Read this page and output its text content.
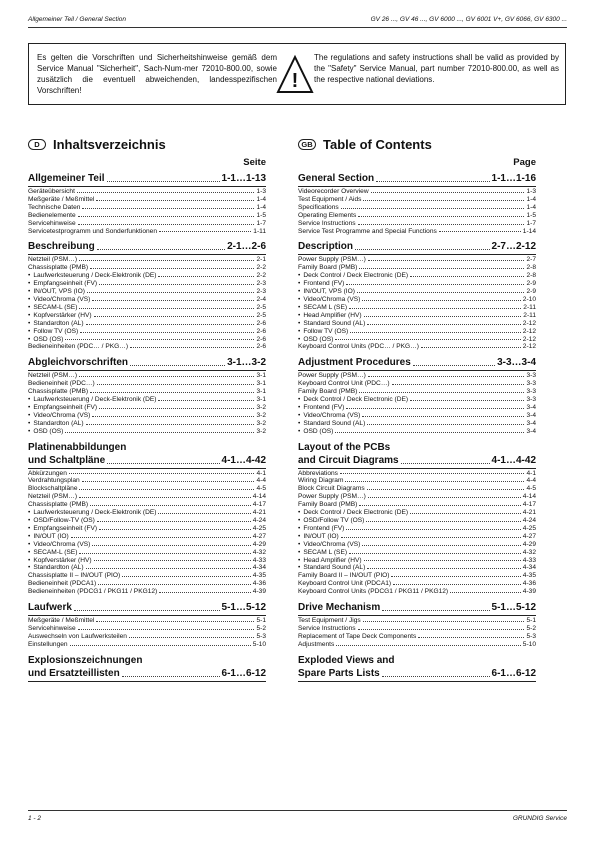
Allgemeiner Teil / General Section	GV 26 ..., GV 46 ..., GV 6000 ..., GV 6001 V+, GV 6066, GV 6300 ...
Es gelten die Vorschriften und Sicherheitshinweise gemäß dem Service Manual "Sicherheit", Sach-Num-mer 72010-800.00, sowie zusätzlich die eventuell abweichenden, landesspezifischen Vorschriften!	!
The regulations and safety instructions shall be valid as provided by the "Safety" Service Manual, part number 72010-800.00, as well as the respective national deviations.
D	Inhaltsverzeichnis
Seite
Allgemeiner Teil	1-1…1-13
Geräteübersicht	1-3
Meßgeräte / Meßmittel	1-4
Technische Daten	1-4
Bedienelemente	1-5
Servicehinweise	1-7
Servicetestprogramm und Sonderfunktionen	1-11
Beschreibung	2-1…2-6
Netzteil (PSM…)	2-1
Chassisplatte (PMB)	2-2
• Laufwerksteuerung / Deck-Elektronik (DE)	2-2
• Empfangseinheit (FV)	2-3
• IN/OUT, VPS (IO)	2-3
• Video/Chroma (VS)	2-4
• SECAM-L (SE)	2-5
• Kopfverstärker (HV)	2-5
• Standardton (AL)	2-6
• Follow TV (OS)	2-6
• OSD (OS)	2-6
Bedieneinheiten (PDC… / PKG…)	2-6
Abgleichvorschriften	3-1…3-2
Netzteil (PSM…)	3-1
Bedieneinheit (PDC…)	3-1
Chassisplatte (PMB)	3-1
• Laufwerksteuerung / Deck-Elektronik (DE)	3-1
• Empfangseinheit (FV)	3-2
• Video/Chroma (VS)	3-2
• Standardton (AL)	3-2
• OSD (OS)	3-2
Platinenabbildungen
und Schaltpläne	4-1…4-42
Abkürzungen	4-1
Verdrahtungsplan	4-4
Blockschaltpläne	4-5
Netzteil (PSM…)	4-14
Chassisplatte (PMB)	4-17
• Laufwerksteuerung / Deck-Elektronik (DE)	4-21
• OSD/Follow-TV (OS)	4-24
• Empfangseinheit (FV)	4-25
• IN/OUT (IO)	4-27
• Video/Chroma (VS)	4-29
• SECAM-L (SE)	4-32
• Kopfverstärker (HV)	4-33
• Standardton (AL)	4-34
Chassisplatte II – IN/OUT (PIO)	4-35
Bedieneinheit (PDCA1)	4-36
Bedieneinheiten (PDCG1 / PKG11 / PKG12)	4-39
Laufwerk	5-1…5-12
Meßgeräte / Meßmittel	5-1
Servicehinweise	5-2
Auswechseln von Laufwerksteilen	5-3
Einstellungen	5-10
Explosionszeichnungen
und Ersatzteillisten	6-1…6-12
GB Table of Contents
Page
General Section	1-1…1-16
Videorecorder Overview	1-3
Test Equipment / Aids	1-4
Specifications	1-4
Operating Elements	1-5
Service Instructions	1-7
Service Test Programme and Special Functions	1-14
Description	2-7…2-12
Power Supply (PSM…)	2-7
Family Board (PMB)	2-8
• Deck Control / Deck Electronic (DE)	2-8
• Frontend (FV)	2-9
• IN/OUT, VPS (IO)	2-9
• Video/Chroma (VS)	2-10
• SECAM L (SE)	2-11
• Head Amplifier (HV)	2-11
• Standard Sound (AL)	2-12
• Follow TV (OS)	2-12
• OSD (OS)	2-12
Keyboard Control Units (PDC… / PKG…)	2-12
Adjustment Procedures	3-3…3-4
Power Supply (PSM…)	3-3
Keyboard Control Unit (PDC…)	3-3
Family Board (PMB)	3-3
• Deck Control / Deck Electronic (DE)	3-3
• Frontend (FV)	3-4
• Video/Chroma (VS)	3-4
• Standard Sound (AL)	3-4
• OSD (OS)	3-4
Layout of the PCBs
and Circuit Diagrams	4-1…4-42
Abbreviations	4-1
Wiring Diagram	4-4
Block Circuit Diagrams	4-5
Power Supply (PSM…)	4-14
Family Board (PMB)	4-17
• Deck Control / Deck Electronic (DE)	4-21
• OSD/Follow TV (OS)	4-24
• Frontend (FV)	4-25
• IN/OUT (IO)	4-27
• Video/Chroma (VS)	4-29
• SECAM L (SE)	4-32
• Head Amplifier (HV)	4-33
• Standard Sound (AL)	4-34
Family Board II – IN/OUT (PIO)	4-35
Keyboard Control Unit (PDCA1)	4-36
Keyboard Control Units (PDCG1 / PKG11 / PKG12)	4-39
Drive Mechanism	5-1…5-12
Test Equipment / Jigs	5-1
Service Instructions	5-2
Replacement of Tape Deck Components	5-3
Adjustments	5-10
Exploded Views and
Spare Parts Lists	6-1…6-12
1 - 2	GRUNDIG Service
